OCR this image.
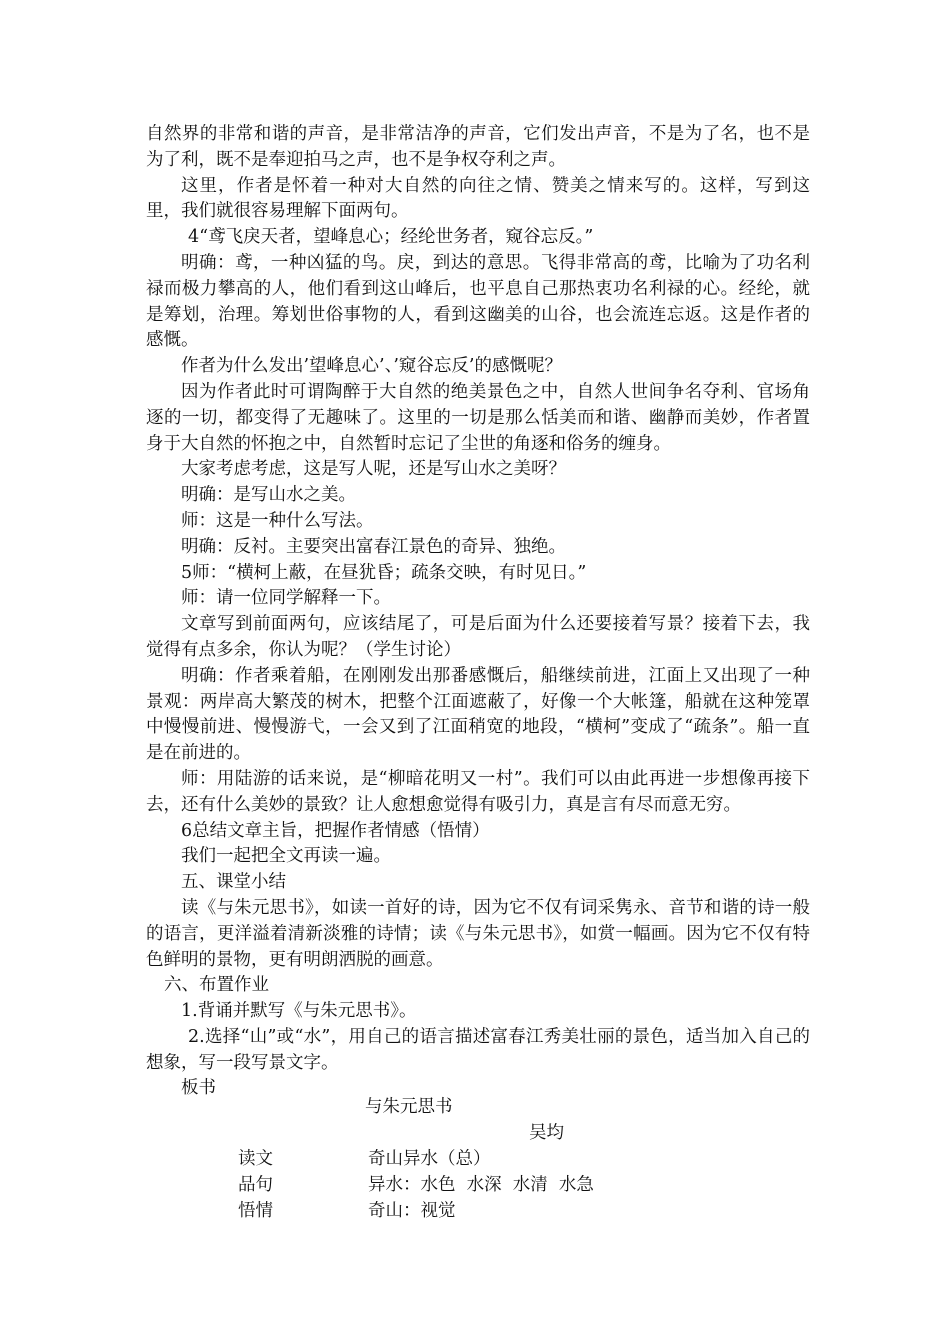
自然界的非常和谐的声音，是非常洁净的声音，它们发出声音，不是为了名，也不是为了利，既不是奉迎拍马之声，也不是争权夺利之声。

这里，作者是怀着一种对大自然的向往之情、赞美之情来写的。这样，写到这里，我们就很容易理解下面两句。

4“鸢飞戾天者，望峰息心；经纶世务者，窥谷忘反。”

明确：鸢，一种凶猛的鸟。戾，到达的意思。飞得非常高的鸢，比喻为了功名利禄而极力攀高的人，他们看到这山峰后，也平息自己那热衷功名利禄的心。经纶，就是筹划，治理。筹划世俗事物的人，看到这幽美的山谷，也会流连忘返。这是作者的感慨。

作者为什么发出’望峰息心’、’窥谷忘反’的感慨呢？

因为作者此时可谓陶醉于大自然的绝美景色之中，自然人世间争名夺利、官场角逐的一切，都变得了无趣味了。这里的一切是那么恬美而和谐、幽静而美妙，作者置身于大自然的怀抱之中，自然暂时忘记了尘世的角逐和俗务的缠身。

大家考虑考虑，这是写人呢，还是写山水之美呀？

明确：是写山水之美。

师：这是一种什么写法。

明确：反衬。主要突出富春江景色的奇异、独绝。

5师：“横柯上蔽，在昼犹昏；疏条交映，有时见日。”

师：请一位同学解释一下。

文章写到前面两句，应该结尾了，可是后面为什么还要接着写景？接着下去，我觉得有点多余，你认为呢？（学生讨论）

明确：作者乘着船，在刚刚发出那番感慨后，船继续前进，江面上又出现了一种景观：两岸高大繁茂的树木，把整个江面遮蔽了，好像一个大帐篷，船就在这种笼罩中慢慢前进、慢慢游弋，一会又到了江面稍宽的地段，“横柯”变成了“疏条”。船一直是在前进的。

师：用陆游的话来说，是“柳暗花明又一村”。我们可以由此再进一步想像再接下去，还有什么美妙的景致？让人愈想愈觉得有吸引力，真是言有尽而意无穷。

6总结文章主旨，把握作者情感（悟情）

我们一起把全文再读一遍。

五、课堂小结

读《与朱元思书》，如读一首好的诗，因为它不仅有词采隽永、音节和谐的诗一般的语言，更洋溢着清新淡雅的诗情；读《与朱元思书》，如赏一幅画。因为它不仅有特色鲜明的景物，更有明朗洒脱的画意。

六、布置作业

1.背诵并默写《与朱元思书》。

2.选择“山”或“水”，用自己的语言描述富春江秀美壮丽的景色，适当加入自己的想象，写一段写景文字。

板书

与朱元思书
吴均
读文	奇山异水（总）
品句	异水：水色  水深  水清  水急
悟情	奇山：视觉
